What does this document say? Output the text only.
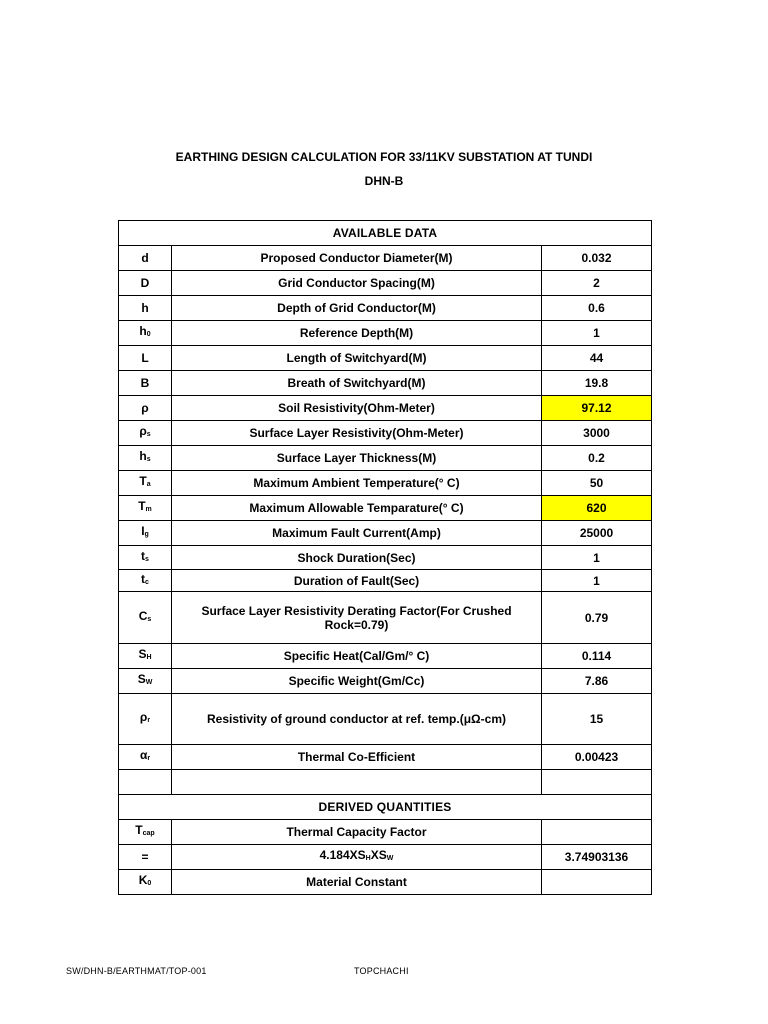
EARTHING DESIGN CALCULATION FOR 33/11KV SUBSTATION AT TUNDI
DHN-B
AVAILABLE DATA		
d	Proposed Conductor Diameter(M)	0.032
D	Grid Conductor Spacing(M)	2
h	Depth of Grid Conductor(M)	0.6
$h_0$	Reference Depth(M)	1
L	Length of Switchyard(M)	44
B	Breath of Switchyard(M)	19.8
ρ	Soil Resistivity(Ohm-Meter)	97.12
$\rho_s$	Surface Layer Resistivity(Ohm-Meter)	3000
$h_s$	Surface Layer Thickness(M)	0.2
$T_a$	Maximum Ambient Temperature(° C)	50
$T_m$	Maximum Allowable Temparature(° C)	620
$I_g$	Maximum Fault Current(Amp)	25000
$t_s$	Shock Duration(Sec)	1
$t_c$	Duration of Fault(Sec)	1
$C_s$	Surface Layer Resistivity Derating Factor(For Crushed Rock=0.79)	0.79
$S_H$	Specific Heat(Cal/Gm/° C)	0.114
$S_W$	Specific Weight(Gm/Cc)	7.86
$\rho_r$	Resistivity of ground conductor at ref. temp.(μΩ-cm)	15
$\alpha_r$	Thermal Co-Efficient	0.00423

DERIVED QUANTITIES		
$T_{cap}$	Thermal Capacity Factor	
=	$4.184XS_HXS_W$	3.74903136
$K_0$	Material Constant	
SW/DHN-B/EARTHMAT/TOP-001	TOPCHACHI
